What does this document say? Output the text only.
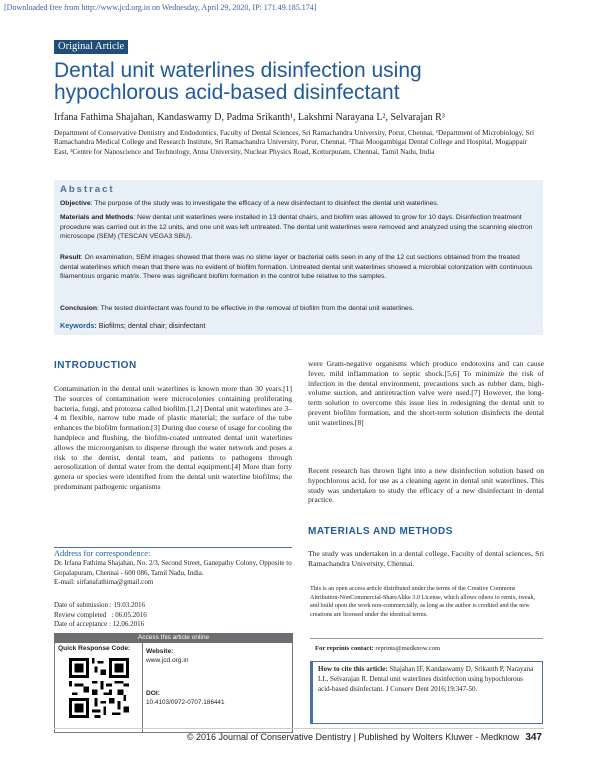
[Downloaded free from http://www.jcd.org.in on Wednesday, April 29, 2020, IP: 171.49.185.174]
Original Article
Dental unit waterlines disinfection using hypochlorous acid-based disinfectant
Irfana Fathima Shajahan, Kandaswamy D, Padma Srikanth¹, Lakshmi Narayana L², Selvarajan R³
Department of Conservative Dentistry and Endodontics, Faculty of Dental Sciences, Sri Ramachandra University, Porur, Chennai, ¹Department of Microbiology, Sri Ramachandra Medical College and Research Institute, Sri Ramachandra University, Porur, Chennai, ²Thai Moogambigai Dental College and Hospital, Mogappair East, ³Centre for Nanoscience and Technology, Anna University, Nuclear Physics Road, Kotturpuram, Chennai, Tamil Nadu, India
Abstract
Objective: The purpose of the study was to investigate the efficacy of a new disinfectant to disinfect the dental unit waterlines.
Materials and Methods: New dental unit waterlines were installed in 13 dental chairs, and biofilm was allowed to grow for 10 days. Disinfection treatment procedure was carried out in the 12 units, and one unit was left untreated. The dental unit waterlines were removed and analyzed using the scanning electron microscope (SEM) (TESCAN VEGA3 SBU).
Result: On examination, SEM images showed that there was no slime layer or bacterial cells seen in any of the 12 cut sections obtained from the treated dental waterlines which mean that there was no evident of biofilm formation. Untreated dental unit waterlines showed a microbial colonization with continuous filamentous organic matrix. There was significant biofilm formation in the control tube relative to the samples.
Conclusion: The tested disinfectant was found to be effective in the removal of biofilm from the dental unit waterlines.
Keywords: Biofilms; dental chair; disinfectant
INTRODUCTION
Contamination in the dental unit waterlines is known more than 30 years.[1] The sources of contamination were microcolonies containing proliferating bacteria, fungi, and protozoa called biofilm.[1,2] Dental unit waterlines are 3–4 m flexible, narrow tube made of plastic material; the surface of the tube enhances the biofilm formation.[3] During due course of usage for cooling the handpiece and flushing, the biofilm-coated untreated dental unit waterlines allows the microorganism to disperse through the water network and poses a risk to the dentist, dental team, and patients to pathogens through aerosolization of dental water from the dental equipment.[4] More than forty genera or species were identified from the dental unit waterline biofilms; the predominant pathogenic organisms
were Gram-negative organisms which produce endotoxins and can cause fever, mild inflammation to septic shock.[5,6] To minimize the risk of infection in the dental environment, precautions such as rubber dam, high-volume suction, and antiretraction valve were used.[7] However, the long-term solution to overcome this issue lies in redesigning the dental unit to prevent biofilm formation, and the short-term solution disinfects the dental unit waterlines.[8]
Recent research has thrown light into a new disinfection solution based on hypochlorous acid, for use as a cleaning agent in dental unit waterlines. This study was undertaken to study the efficacy of a new disinfectant in dental practice.
MATERIALS AND METHODS
The study was undertaken in a dental college, Faculty of dental sciences, Sri Ramachandra University, Chennai.
Address for correspondence:
Dr. Irfana Fathima Shajahan, No. 2/3, Second Street, Ganepathy Colony, Opposite to Gopalapuram, Chennai - 600 086, Tamil Nadu, India.
E-mail: sirfanafathima@gmail.com
Date of submission : 19.03.2016
Review completed   : 06.05.2016
Date of acceptance : 12.06.2016
Access this article online
Quick Response Code: Website:
www.jcd.org.in
DOI:
10.4103/0972-0707.186441
This is an open access article distributed under the terms of the Creative Commons Attribution-NonCommercial-ShareAlike 3.0 License, which allows others to remix, tweak, and build upon the work non-commercially, as long as the author is credited and the new creations are licensed under the identical terms.
For reprints contact: reprints@medknow.com
How to cite this article: Shajahan IF, Kandaswamy D, Srikanth P, Narayana LL, Selvarajan R. Dental unit waterlines disinfection using hypochlorous acid-based disinfectant. J Conserv Dent 2016;19:347-50.
© 2016 Journal of Conservative Dentistry | Published by Wolters Kluwer - Medknow 347
